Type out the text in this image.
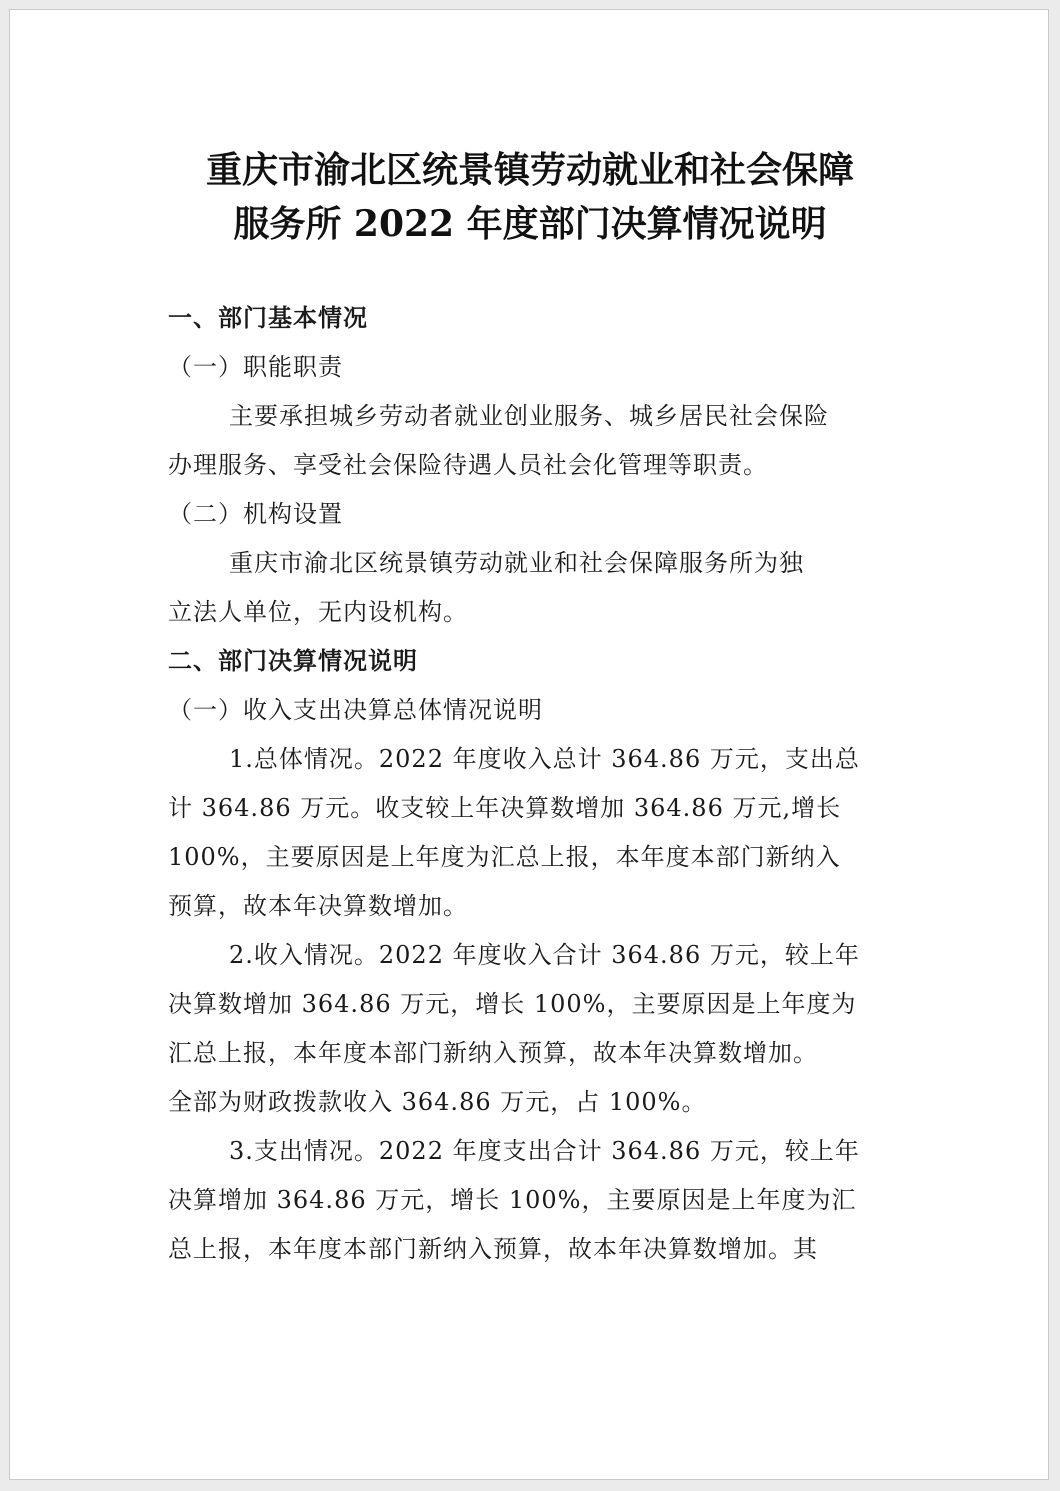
重庆市渝北区统景镇劳动就业和社会保障
服务所 2022 年度部门决算情况说明
一、部门基本情况
（一）职能职责
主要承担城乡劳动者就业创业服务、城乡居民社会保险
办理服务、享受社会保险待遇人员社会化管理等职责。
（二）机构设置
重庆市渝北区统景镇劳动就业和社会保障服务所为独
立法人单位，无内设机构。
二、部门决算情况说明
（一）收入支出决算总体情况说明
1.总体情况。2022 年度收入总计 364.86 万元，支出总
计 364.86 万元。收支较上年决算数增加 364.86 万元,增长
100%，主要原因是上年度为汇总上报，本年度本部门新纳入
预算，故本年决算数增加。
2.收入情况。2022 年度收入合计 364.86 万元，较上年
决算数增加 364.86 万元，增长 100%，主要原因是上年度为
汇总上报，本年度本部门新纳入预算，故本年决算数增加。
全部为财政拨款收入 364.86 万元，占 100%。
3.支出情况。2022 年度支出合计 364.86 万元，较上年
决算增加 364.86 万元，增长 100%，主要原因是上年度为汇
总上报，本年度本部门新纳入预算，故本年决算数增加。其
